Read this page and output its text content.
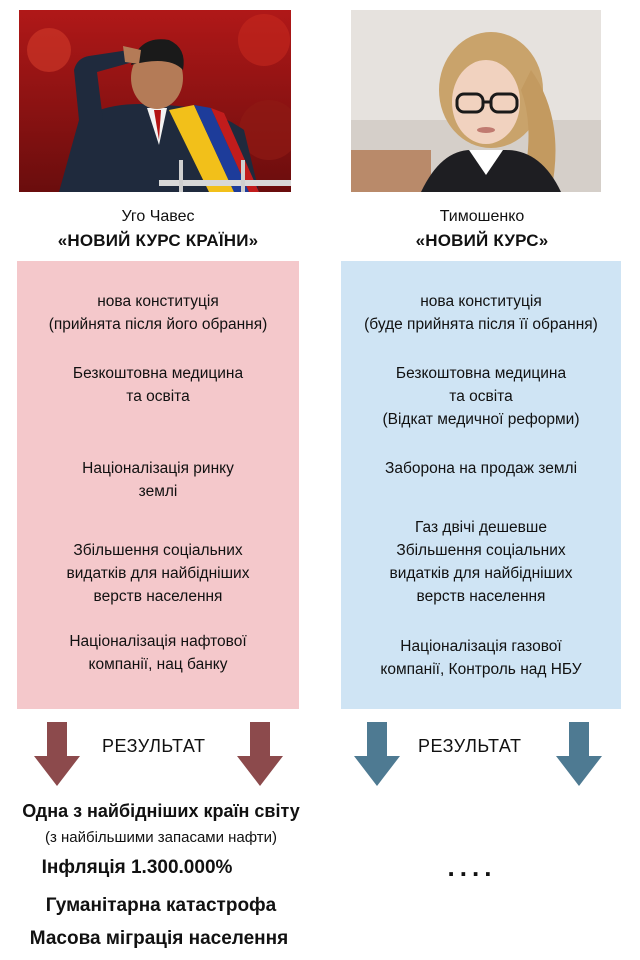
Уго Чавес
«НОВИЙ КУРС КРАЇНИ»
нова конституція
(прийнята після його обрання)
Безкоштовна медицина
та освіта
Націоналізація ринку
землі
Збільшення соціальних
видатків для найбідніших
верств населення
Націоналізація нафтової
компанії, нац банку
Тимошенко
«НОВИЙ КУРС»
нова конституція
(буде прийнята після її обрання)
Безкоштовна медицина
та освіта
(Відкат медичної реформи)
Заборона на продаж землі
Газ двічі дешевше
Збільшення соціальних
видатків для найбідніших
верств населення
Націоналізація газової
компанії, Контроль над НБУ
РЕЗУЛЬТАТ	РЕЗУЛЬТАТ
Одна з найбідніших країн світу
(з найбільшими запасами нафти)
Інфляція 1.300.000%
Гуманітарна катастрофа
Масова міграція населення
....
